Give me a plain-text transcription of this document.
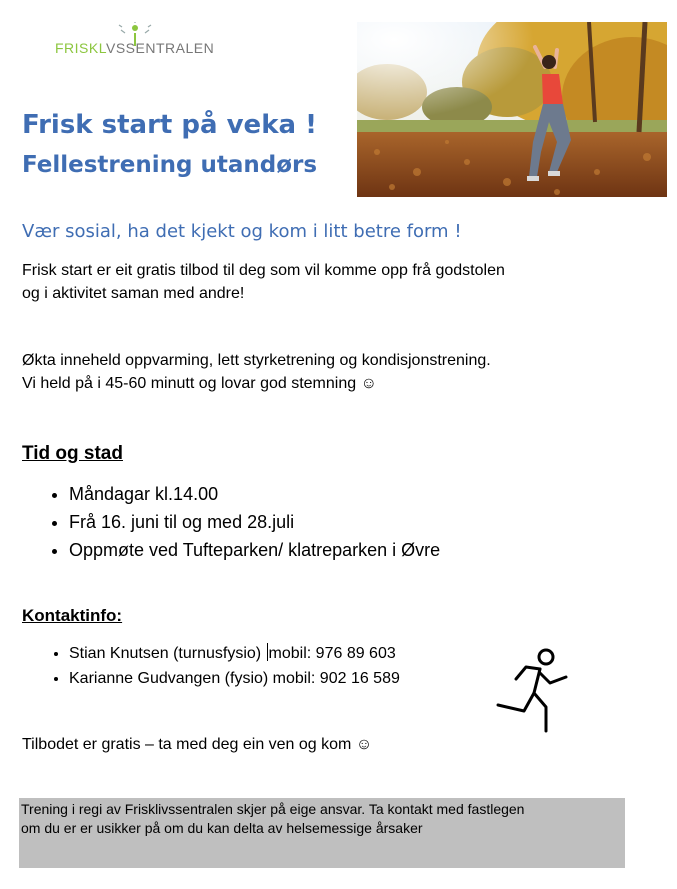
FRISKLVSSENTRALEN
Frisk start på veka !
Fellestrening utandørs
Vær sosial, ha det kjekt og kom i litt betre form !
Frisk start er eit gratis tilbod til deg som vil komme opp frå godstolen
og i aktivitet saman med andre!
Økta inneheld oppvarming, lett styrketrening og kondisjonstrening.
Vi held på i 45-60 minutt og lovar god stemning ☺
Tid og stad
• Måndagar kl.14.00
• Frå 16. juni til og med 28.juli
• Oppmøte ved Tufteparken/ klatreparken i Øvre
Kontaktinfo:
• Stian Knutsen (turnusfysio) mobil: 976 89 603
• Karianne Gudvangen (fysio) mobil: 902 16 589
Tilbodet er gratis – ta med deg ein ven og kom ☺
Trening i regi av Frisklivssentralen skjer på eige ansvar. Ta kontakt med fastlegen
om du er er usikker på om du kan delta av helsemessige årsaker
